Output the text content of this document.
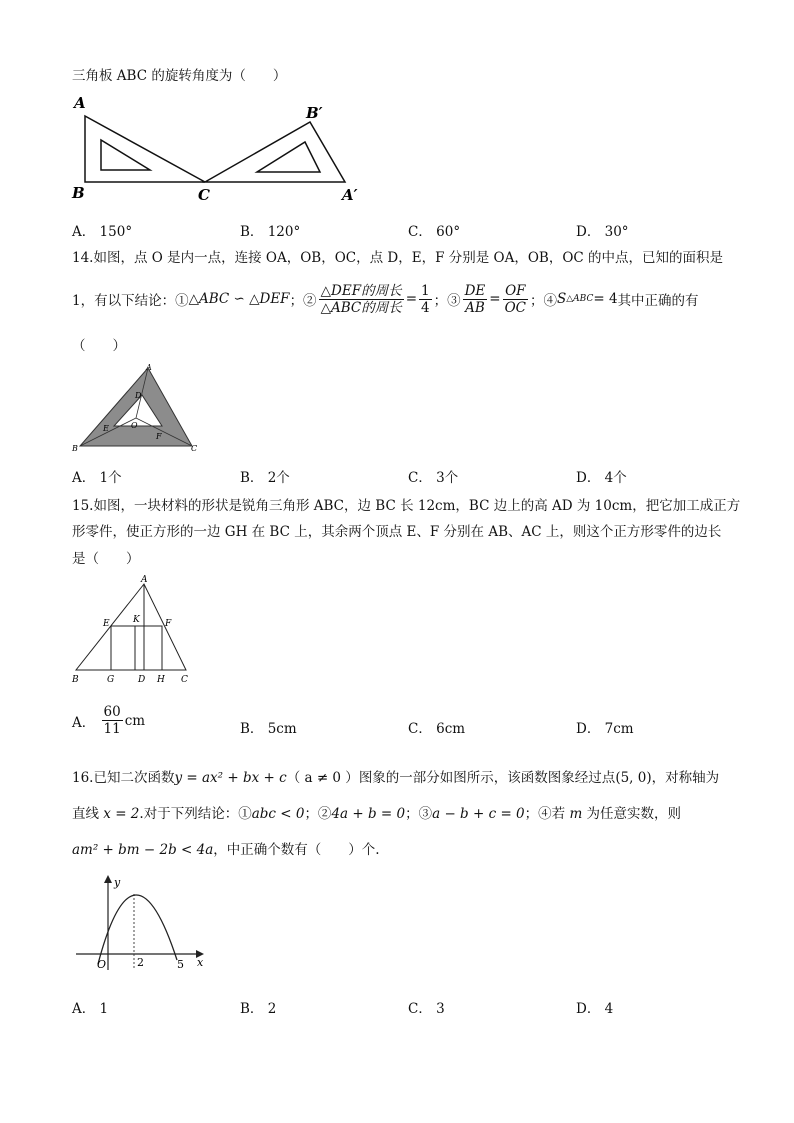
三角板 ABC 的旋转角度为（　　）
A
B	C
B′
A′
A． 150°	B． 120°	C． 60°	D． 30°
14.如图，点 O 是内一点，连接 OA，OB，OC，点 D，E，F 分别是 OA，OB，OC 的中点，已知的面积是
1，有以下结论：① △ABC ∽ △DEF ；② $\frac{\text{△DEF的周长}}{\text{△ABC的周长}} = \frac{1}{4}$ ；③ $\frac{DE}{AB} = \frac{OF}{OC}$ ；④ S △ABC = 4 其中正确的有
（　　）
A
B	C
D
E
F
O
A． 1个	B． 2个	C． 3个	D． 4个
15.如图，一块材料的形状是锐角三角形 ABC，边 BC 长 12cm，BC 边上的高 AD 为 10cm，把它加工成正方
形零件，使正方形的一边 GH 在 BC 上，其余两个顶点 E、F 分别在 AB、AC 上，则这个正方形零件的边长
是（　　）
A
B	C
D
E	F
G	H
K
A．
$\frac{60}{11}$ cm
B． 5cm	C． 6cm	D． 7cm
16.已知二次函数y = ax² + bx + c（ a ≠ 0 ）图象的一部分如图所示，该函数图象经过点(5, 0)，对称轴为
直线 x = 2.对于下列结论：①abc < 0；②4a + b = 0；③a − b + c = 0；④若 m 为任意实数，则
am² + bm − 2b < 4a，中正确个数有（　　）个.
y
x
O	2	5
A． 1	B． 2	C． 3	D． 4
